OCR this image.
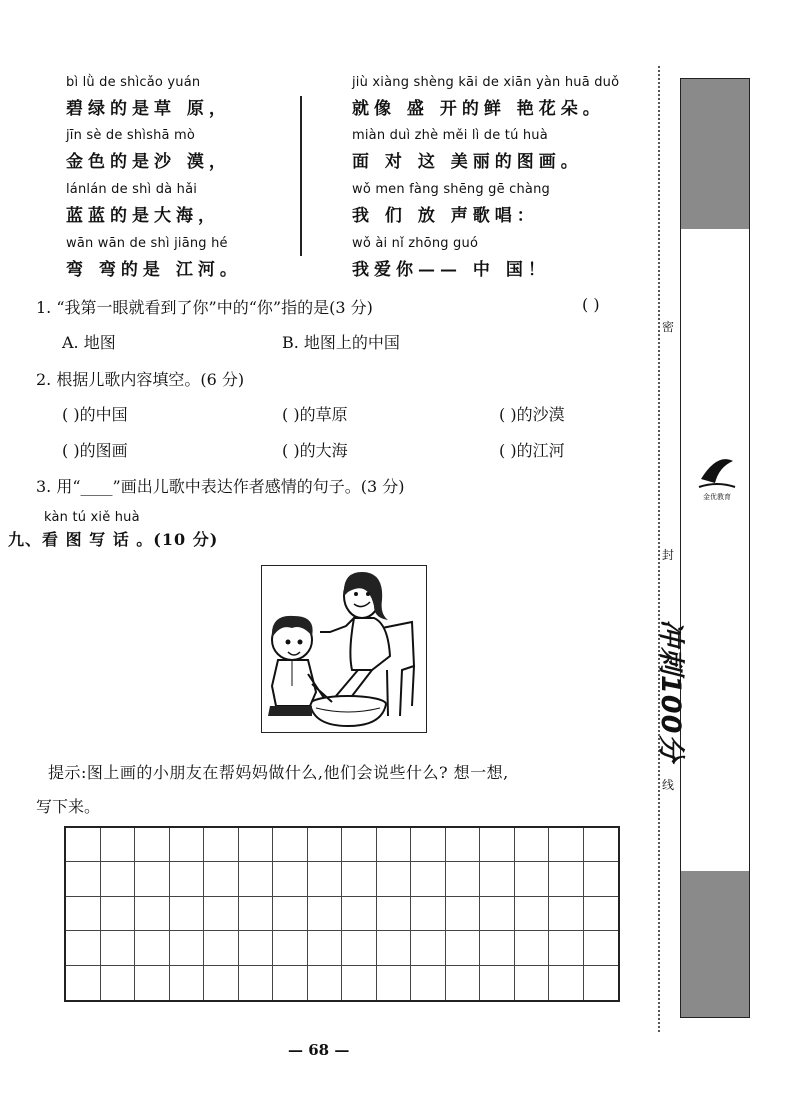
bì lǜ de shìcǎo yuán
碧绿的是草 原，
jīn sè de shìshā mò
金色的是沙 漠，
lánlán de shì dà hǎi
蓝蓝的是大海，
wān wān de shì jiāng hé
弯 弯的是 江河。
jiù xiàng shèng kāi de xiān yàn huā duǒ
就像 盛 开的鲜 艳花朵。
miàn duì zhè měi lì de tú huà
面 对 这 美丽的图画。
wǒ men fàng shēng gē chàng
我 们 放 声歌唱：
wǒ ài nǐ zhōng guó
我爱你—— 中 国！
1. “我第一眼就看到了你”中的“你”指的是(3 分)	( )
A. 地图	B. 地图上的中国
2. 根据儿歌内容填空。(6 分)
( )的中国	( )的草原	( )的沙漠
( )的图画	( )的大海	( )的江河
3. 用“____”画出儿歌中表达作者感情的句子。(3 分)
kàn tú xiě huà
九、看 图 写 话 。(10 分)
提示:图上画的小朋友在帮妈妈做什么,他们会说些什么? 想一想,
写下来。
— 68 —
密
封
线
金优教育
冲刺100分
